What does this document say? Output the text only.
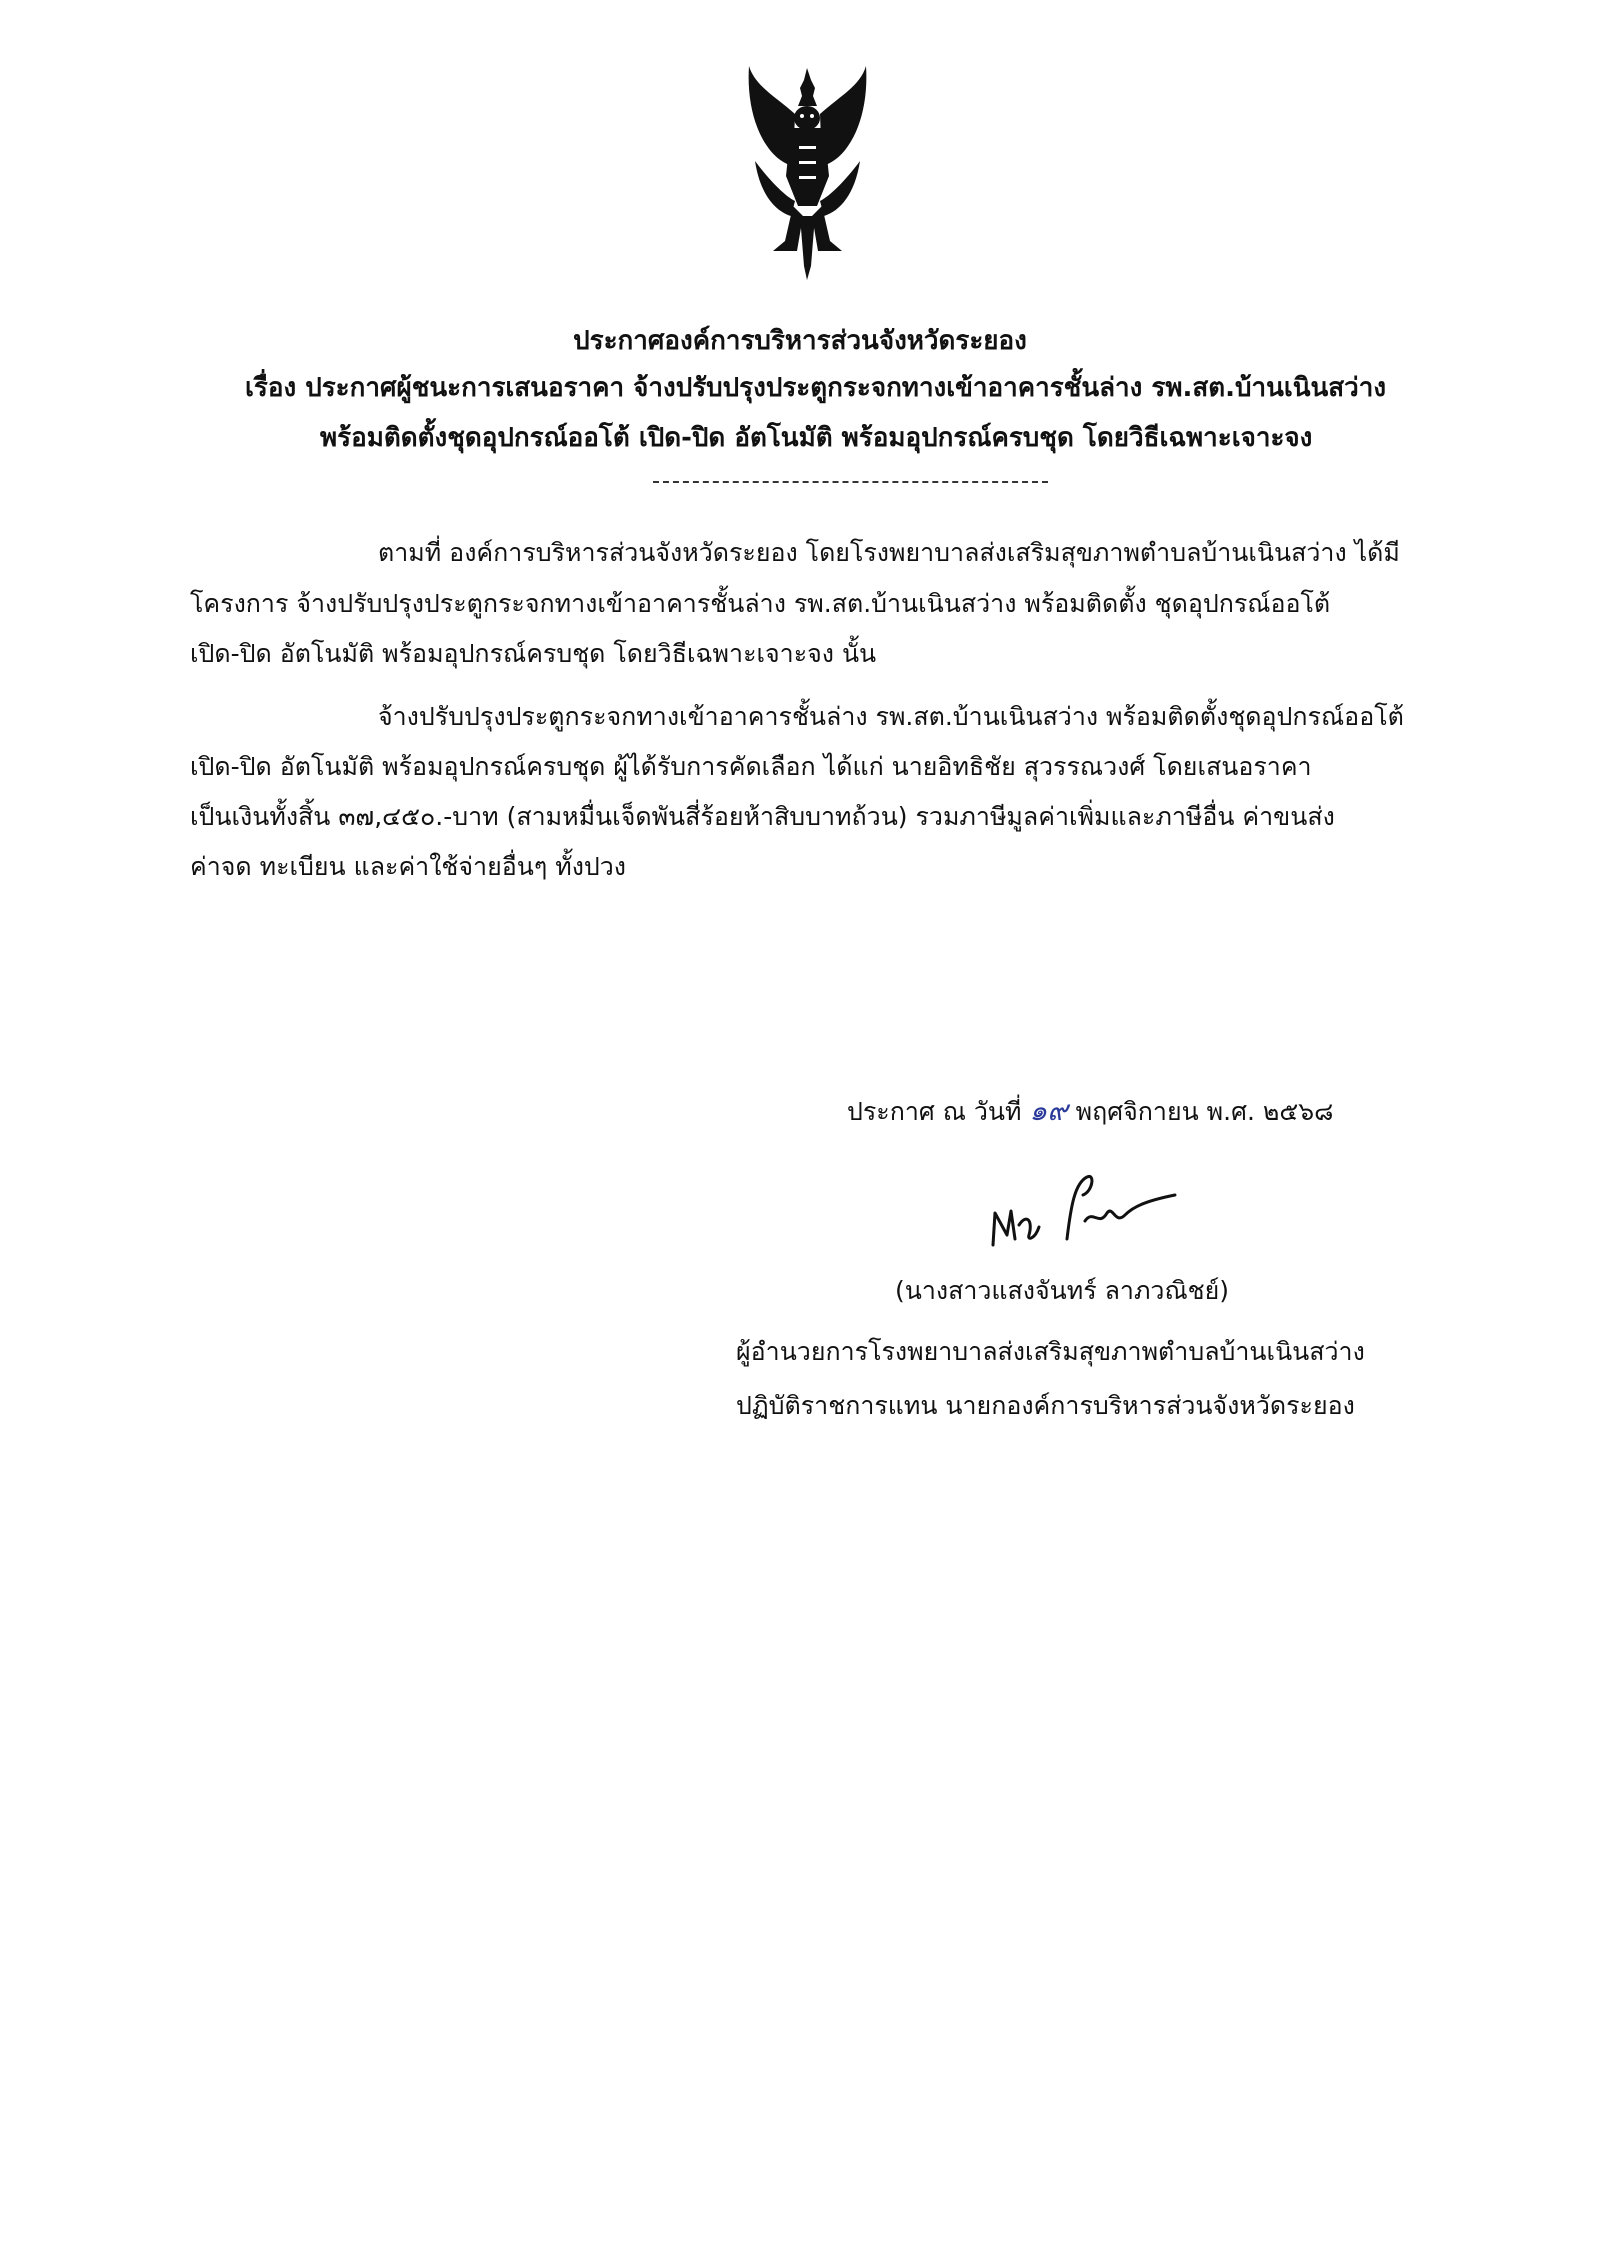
ประกาศองค์การบริหารส่วนจังหวัดระยอง
เรื่อง ประกาศผู้ชนะการเสนอราคา จ้างปรับปรุงประตูกระจกทางเข้าอาคารชั้นล่าง รพ.สต.บ้านเนินสว่าง
พร้อมติดตั้งชุดอุปกรณ์ออโต้ เปิด-ปิด อัตโนมัติ พร้อมอุปกรณ์ครบชุด โดยวิธีเฉพาะเจาะจง
ตามที่ องค์การบริหารส่วนจังหวัดระยอง โดยโรงพยาบาลส่งเสริมสุขภาพตำบลบ้านเนินสว่าง ได้มี
โครงการ จ้างปรับปรุงประตูกระจกทางเข้าอาคารชั้นล่าง รพ.สต.บ้านเนินสว่าง พร้อมติดตั้ง ชุดอุปกรณ์ออโต้
เปิด-ปิด อัตโนมัติ พร้อมอุปกรณ์ครบชุด โดยวิธีเฉพาะเจาะจง นั้น
จ้างปรับปรุงประตูกระจกทางเข้าอาคารชั้นล่าง รพ.สต.บ้านเนินสว่าง พร้อมติดตั้งชุดอุปกรณ์ออโต้
เปิด-ปิด อัตโนมัติ พร้อมอุปกรณ์ครบชุด ผู้ได้รับการคัดเลือก ได้แก่ นายอิทธิชัย สุวรรณวงศ์ โดยเสนอราคา
เป็นเงินทั้งสิ้น ๓๗,๔๕๐.-บาท (สามหมื่นเจ็ดพันสี่ร้อยห้าสิบบาทถ้วน) รวมภาษีมูลค่าเพิ่มและภาษีอื่น ค่าขนส่ง
ค่าจด ทะเบียน และค่าใช้จ่ายอื่นๆ ทั้งปวง
ประกาศ ณ วันที่ ๑๙ พฤศจิกายน พ.ศ. ๒๕๖๘
(นางสาวแสงจันทร์ ลาภวณิชย์)
ผู้อำนวยการโรงพยาบาลส่งเสริมสุขภาพตำบลบ้านเนินสว่าง
ปฏิบัติราชการแทน นายกองค์การบริหารส่วนจังหวัดระยอง
